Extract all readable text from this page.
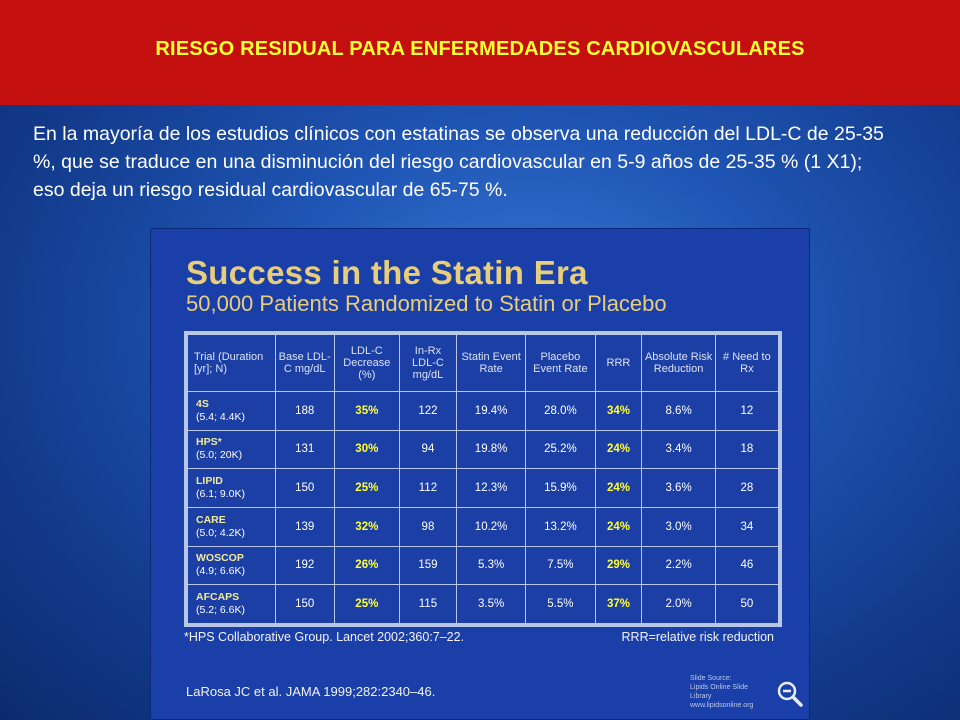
RIESGO RESIDUAL PARA ENFERMEDADES CARDIOVASCULARES
En la mayoría de los estudios clínicos con estatinas se observa una reducción del LDL-C de 25-35 %, que se traduce en una disminución del riesgo cardiovascular en 5-9 años de 25-35 % (1 X1); eso deja un riesgo residual cardiovascular de 65-75 %.
Success in the Statin Era
50,000 Patients Randomized to Statin or Placebo
Trial (Duration [yr]; N)	Base LDL-C mg/dL	LDL-C Decrease (%)	In-Rx LDL-C mg/dL	Statin Event Rate	Placebo Event Rate	RRR	Absolute Risk Reduction	# Need to Rx

4S
(5.4; 4.4K)	188	35%	122	19.4%	28.0%	34%	8.6%	12

HPS*
(5.0; 20K)	131	30%	94	19.8%	25.2%	24%	3.4%	18

LIPID
(6.1; 9.0K)	150	25%	112	12.3%	15.9%	24%	3.6%	28

CARE
(5.0; 4.2K)	139	32%	98	10.2%	13.2%	24%	3.0%	34

WOSCOP
(4.9; 6.6K)	192	26%	159	5.3%	7.5%	29%	2.2%	46

AFCAPS
(5.2; 6.6K)	150	25%	115	3.5%	5.5%	37%	2.0%	50
*HPS Collaborative Group. Lancet 2002;360:7–22.	RRR=relative risk reduction
LaRosa JC et al. JAMA 1999;282:2340–46.
Slide Source:
Lipids Online Slide Library
www.lipidsonline.org
